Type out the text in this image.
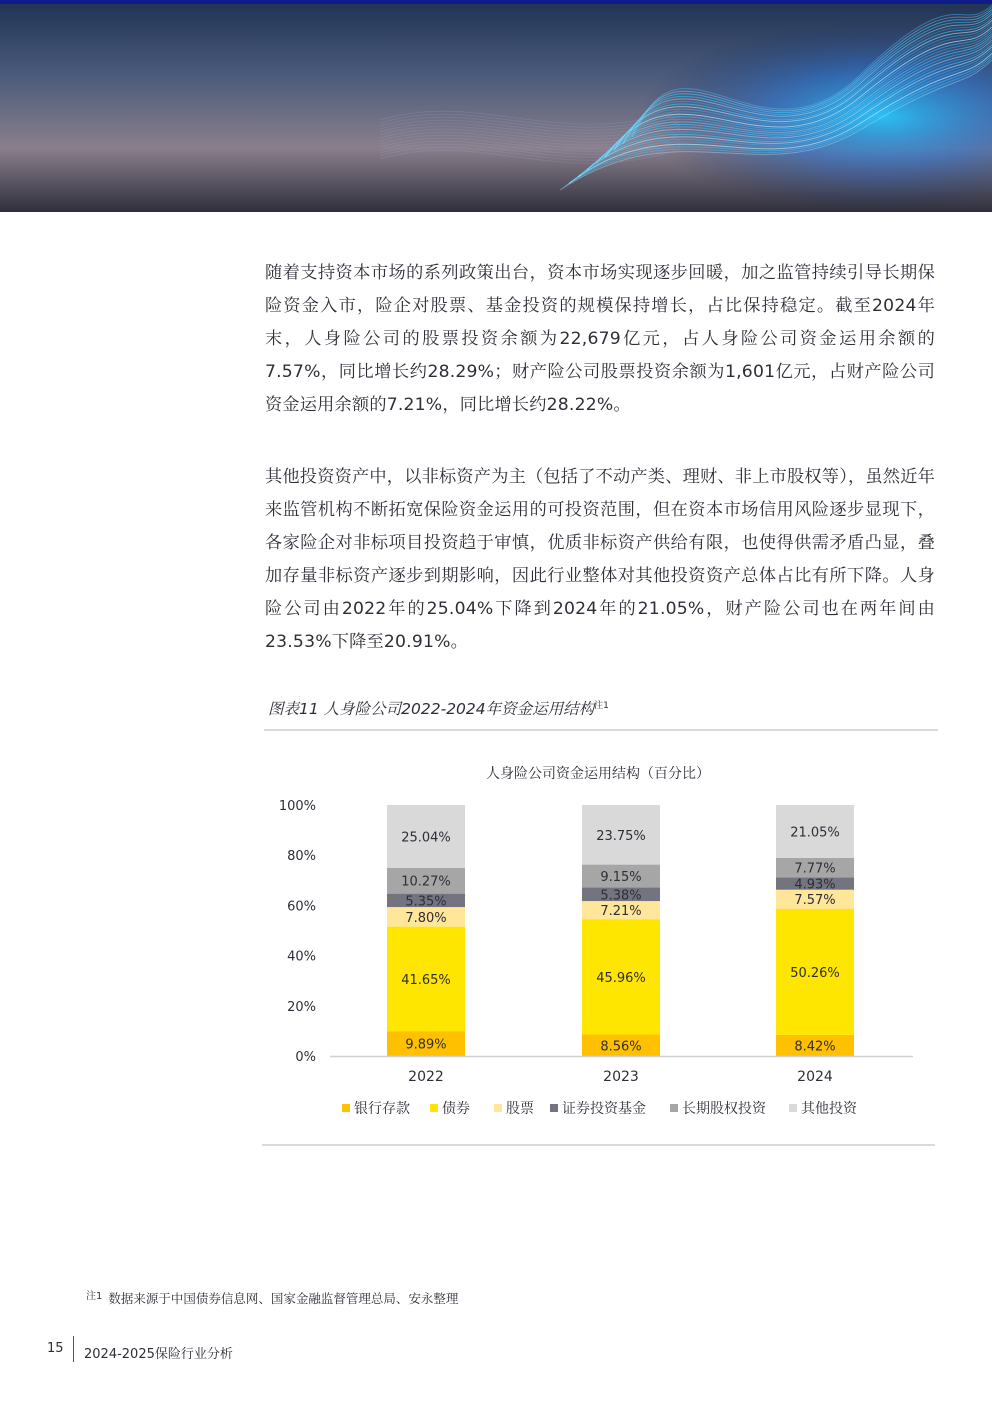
随着支持资本市场的系列政策出台，资本市场实现逐步回暖，加之监管持续引导长期保险资金入市，险企对股票、基金投资的规模保持增长，占比保持稳定。截至2024年末，人身险公司的股票投资余额为22,679亿元，占人身险公司资金运用余额的7.57%，同比增长约28.29%；财产险公司股票投资余额为1,601亿元，占财产险公司资金运用余额的7.21%，同比增长约28.22%。

其他投资资产中，以非标资产为主（包括了不动产类、理财、非上市股权等），虽然近年来监管机构不断拓宽保险资金运用的可投资范围，但在资本市场信用风险逐步显现下，各家险企对非标项目投资趋于审慎，优质非标资产供给有限，也使得供需矛盾凸显，叠加存量非标资产逐步到期影响，因此行业整体对其他投资资产总体占比有所下降。人身险公司由2022年的25.04%下降到2024年的21.05%，财产险公司也在两年间由23.53%下降至20.91%。

图表11 人身险公司2022-2024年资金运用结构$^{注1}$
人身险公司资金运用结构（百分比）
0%
20%
40%
60%
80%
100%
9.89%
41.65%
7.80%
5.35%
10.27%
25.04%
8.56%
45.96%
7.21%
5.38%
9.15%
23.75%
8.42%
50.26%
7.57%
4.93%
7.77%
21.05%
2022	2023	2024
银行存款 债券	股票 证券投资基金	长期股权投资	其他投资
$^{注1}$ 数据来源于中国债券信息网、国家金融监督管理总局、安永整理
15 2024-2025保险行业分析
